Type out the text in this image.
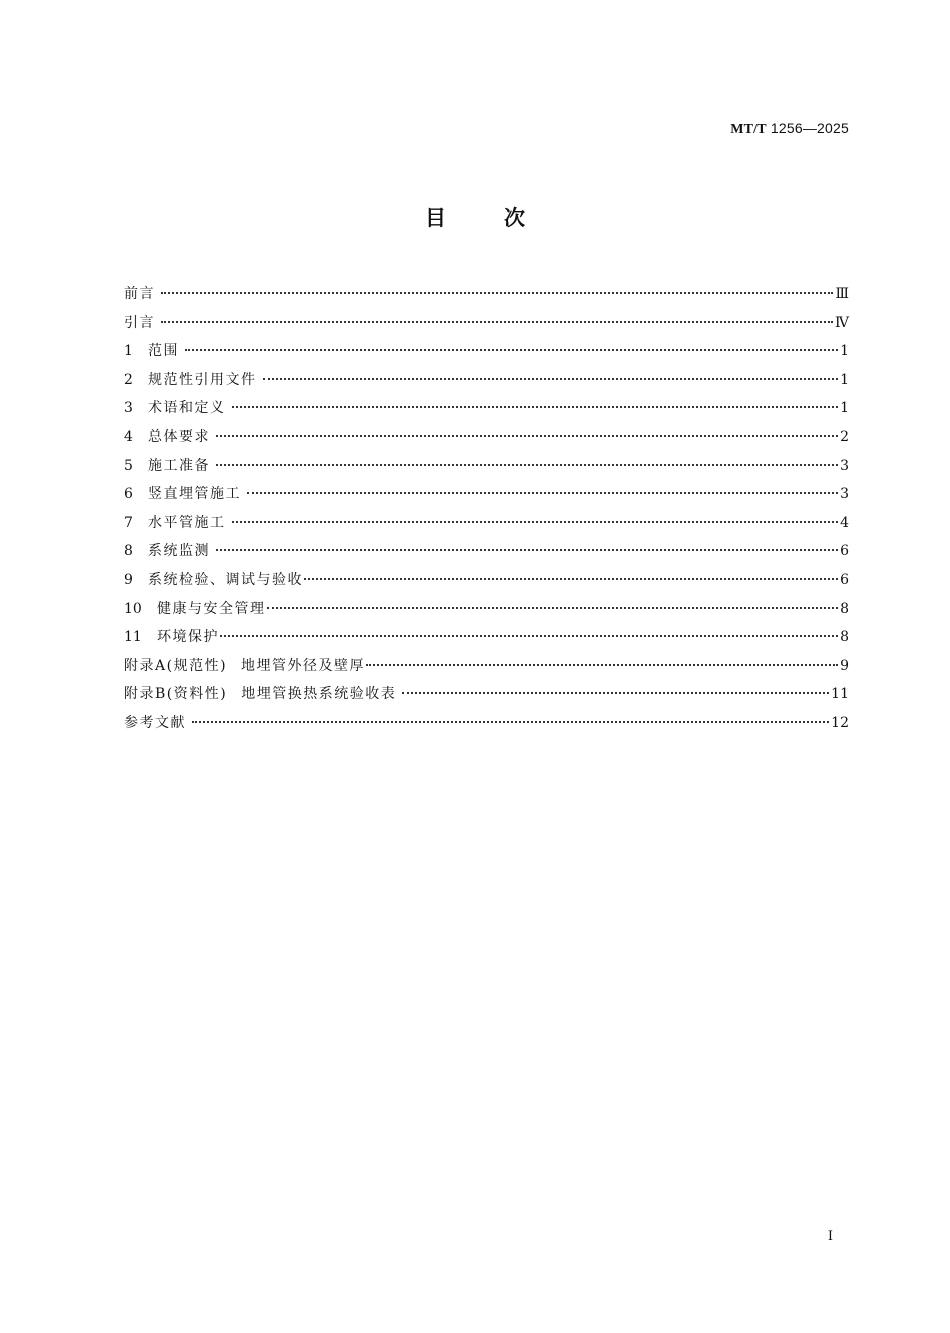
MT/T 1256—2025
目次
前言	Ⅲ
引言	Ⅳ
1	范围	1
2	规范性引用文件	1
3	术语和定义	1
4	总体要求	2
5	施工准备	3
6	竖直埋管施工	3
7	水平管施工	4
8	系统监测	6
9	系统检验、调试与验收	6
10	健康与安全管理	8
11	环境保护	8
附录A(规范性) 地埋管外径及壁厚	9
附录B(资料性) 地埋管换热系统验收表	11
参考文献	12
Ⅰ
